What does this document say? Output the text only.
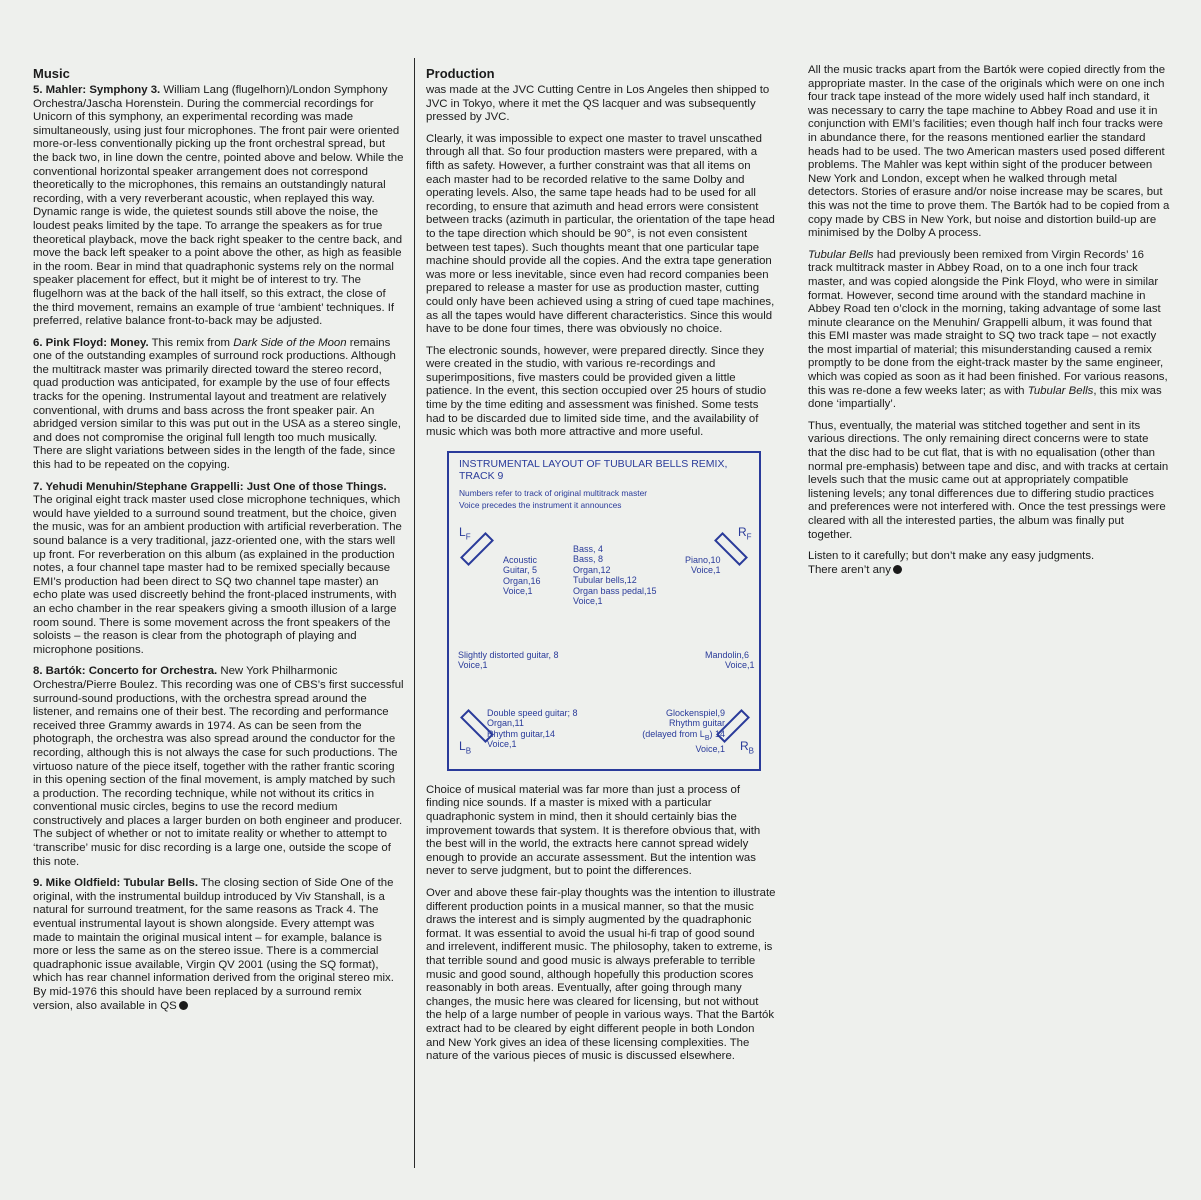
Music

5. Mahler: Symphony 3. William Lang (flugelhorn)/London Symphony Orchestra/Jascha Horenstein. During the commercial recordings for Unicorn of this symphony, an experimental recording was made simultaneously, using just four microphones. The front pair were oriented more-or-less conventionally picking up the front orchestral spread, but the back two, in line down the centre, pointed above and below. While the conventional horizontal speaker arrangement does not correspond theoretically to the microphones, this remains an outstandingly natural recording, with a very reverberant acoustic, when replayed this way. Dynamic range is wide, the quietest sounds still above the noise, the loudest peaks limited by the tape. To arrange the speakers as for true theoretical playback, move the back right speaker to the centre back, and move the back left speaker to a point above the other, as high as feasible in the room. Bear in mind that quadraphonic systems rely on the normal speaker placement for effect, but it might be of interest to try. The flugelhorn was at the back of the hall itself, so this extract, the close of the third movement, remains an example of true ‘ambient’ techniques. If preferred, relative balance front-to-back may be adjusted.

6. Pink Floyd: Money. This remix from Dark Side of the Moon remains one of the outstanding examples of surround rock productions. Although the multitrack master was primarily directed toward the stereo record, quad production was anticipated, for example by the use of four effects tracks for the opening. Instrumental layout and treatment are relatively conventional, with drums and bass across the front speaker pair. An abridged version similar to this was put out in the USA as a stereo single, and does not compromise the original full length too much musically. There are slight variations between sides in the length of the fade, since this had to be repeated on the copying.

7. Yehudi Menuhin/Stephane Grappelli: Just One of those Things. The original eight track master used close microphone techniques, which would have yielded to a surround sound treatment, but the choice, given the music, was for an ambient production with artificial reverberation. The sound balance is a very traditional, jazz-oriented one, with the stars well up front. For reverberation on this album (as explained in the production notes, a four channel tape master had to be remixed specially because EMI’s production had been direct to SQ two channel tape master) an echo plate was used discreetly behind the front-placed instruments, with an echo chamber in the rear speakers giving a smooth illusion of a large room sound. There is some movement across the front speakers of the soloists – the reason is clear from the photograph of playing and microphone positions.

8. Bartók: Concerto for Orchestra. New York Philharmonic Orchestra/Pierre Boulez. This recording was one of CBS’s first successful surround-sound productions, with the orchestra spread around the listener, and remains one of their best. The recording and performance received three Grammy awards in 1974. As can be seen from the photograph, the orchestra was also spread around the conductor for the recording, although this is not always the case for such productions. The virtuoso nature of the piece itself, together with the rather frantic scoring in this opening section of the final movement, is amply matched by such a production. The recording technique, while not without its critics in conventional music circles, begins to use the record medium constructively and places a larger burden on both engineer and producer. The subject of whether or not to imitate reality or whether to attempt to ‘transcribe’ music for disc recording is a large one, outside the scope of this note.

9. Mike Oldfield: Tubular Bells. The closing section of Side One of the original, with the instrumental buildup introduced by Viv Stanshall, is a natural for surround treatment, for the same reasons as Track 4. The eventual instrumental layout is shown alongside. Every attempt was made to maintain the original musical intent – for example, balance is more or less the same as on the stereo issue. There is a commercial quadraphonic issue available, Virgin QV 2001 (using the SQ format), which has rear channel information derived from the original stereo mix. By mid-1976 this should have been replaced by a surround remix version, also available in QS

Production

was made at the JVC Cutting Centre in Los Angeles then shipped to JVC in Tokyo, where it met the QS lacquer and was subsequently pressed by JVC.

Clearly, it was impossible to expect one master to travel unscathed through all that. So four production masters were prepared, with a fifth as safety. However, a further constraint was that all items on each master had to be recorded relative to the same Dolby and operating levels. Also, the same tape heads had to be used for all recording, to ensure that azimuth and head errors were consistent between tracks (azimuth in particular, the orientation of the tape head to the tape direction which should be 90°, is not even consistent between test tapes). Such thoughts meant that one particular tape machine should provide all the copies. And the extra tape generation was more or less inevitable, since even had record companies been prepared to release a master for use as production master, cutting could only have been achieved using a string of cued tape machines, as all the tapes would have different characteristics. Since this would have to be done four times, there was obviously no choice.

The electronic sounds, however, were prepared directly. Since they were created in the studio, with various re-recordings and superimpositions, five masters could be provided given a little patience. In the event, this section occupied over 25 hours of studio time by the time editing and assessment was finished. Some tests had to be discarded due to limited side time, and the availability of music which was both more attractive and more useful.

INSTRUMENTAL LAYOUT OF TUBULAR BELLS REMIX,
TRACK 9
Numbers refer to track of original multitrack master
Voice precedes the instrument it announces
$L_F$	$R_F$
$L_B$	$R_B$
Acoustic
Guitar, 5
Organ,16
Voice,1
Bass, 4
Bass, 8
Organ,12
Tubular bells,12
Organ bass pedal,15
Voice,1
Piano,10
Voice,1
Slightly distorted guitar, 8
Voice,1
Mandolin,6
Voice,1
Double speed guitar; 8
Organ,11
Rhythm guitar,14
Voice,1
Glockenspiel,9
Rhythm guitar
(delayed from $L_B$) 14
Voice,1

Choice of musical material was far more than just a process of finding nice sounds. If a master is mixed with a particular quadraphonic system in mind, then it should certainly bias the improvement towards that system. It is therefore obvious that, with the best will in the world, the extracts here cannot spread widely enough to provide an accurate assessment. But the intention was never to serve judgment, but to point the differences.

Over and above these fair-play thoughts was the intention to illustrate different production points in a musical manner, so that the music draws the interest and is simply augmented by the quadraphonic format. It was essential to avoid the usual hi-fi trap of good sound and irrelevent, indifferent music. The philosophy, taken to extreme, is that terrible sound and good music is always preferable to terrible music and good sound, although hopefully this production scores reasonably in both areas. Eventually, after going through many changes, the music here was cleared for licensing, but not without the help of a large number of people in various ways. That the Bartók extract had to be cleared by eight different people in both London and New York gives an idea of these licensing complexities. The nature of the various pieces of music is discussed elsewhere.

All the music tracks apart from the Bartók were copied directly from the appropriate master. In the case of the originals which were on one inch four track tape instead of the more widely used half inch standard, it was necessary to carry the tape machine to Abbey Road and use it in conjunction with EMI’s facilities; even though half inch four tracks were in abundance there, for the reasons mentioned earlier the standard heads had to be used. The two American masters used posed different problems. The Mahler was kept within sight of the producer between New York and London, except when he walked through metal detectors. Stories of erasure and/or noise increase may be scares, but this was not the time to prove them. The Bartók had to be copied from a copy made by CBS in New York, but noise and distortion build-up are minimised by the Dolby A process.

Tubular Bells had previously been remixed from Virgin Records’ 16 track multitrack master in Abbey Road, on to a one inch four track master, and was copied alongside the Pink Floyd, who were in similar format. However, second time around with the standard machine in Abbey Road ten o’clock in the morning, taking advantage of some last minute clearance on the Menuhin/ Grappelli album, it was found that this EMI master was made straight to SQ two track tape – not exactly the most impartial of material; this misunderstanding caused a remix promptly to be done from the eight-track master by the same engineer, which was copied as soon as it had been finished. For various reasons, this was re-done a few weeks later; as with Tubular Bells, this mix was done ‘impartially’.

Thus, eventually, the material was stitched together and sent in its various directions. The only remaining direct concerns were to state that the disc had to be cut flat, that is with no equalisation (other than normal pre-emphasis) between tape and disc, and with tracks at certain levels such that the music came out at appropriately compatible listening levels; any tonal differences due to differing studio practices and preferences were not interfered with. Once the test pressings were cleared with all the interested parties, the album was finally put together.

Listen to it carefully; but don’t make any easy judgments.
There aren’t any
